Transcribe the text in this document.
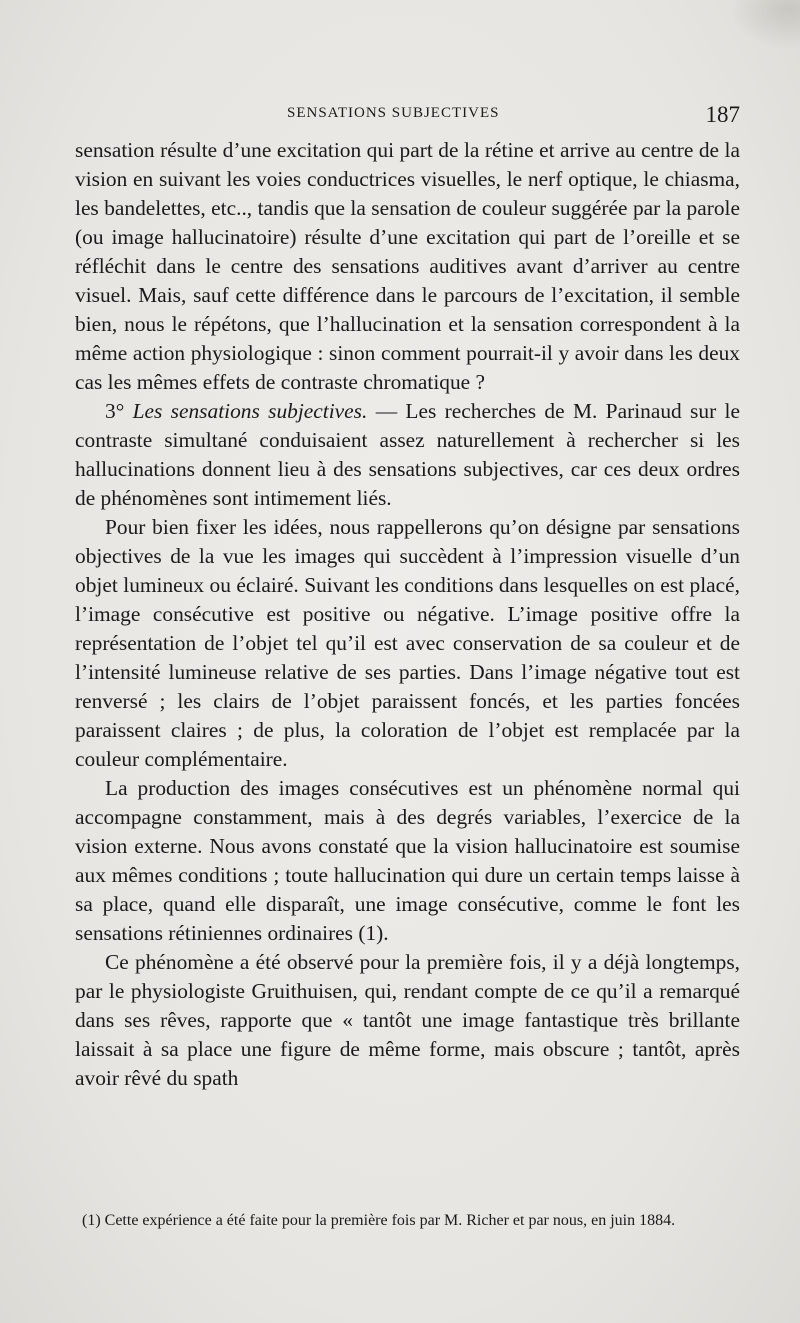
SENSATIONS SUBJECTIVES	187

sensation résulte d’une excitation qui part de la rétine et arrive au centre de la vision en suivant les voies conductrices visuelles, le nerf optique, le chiasma, les bandelettes, etc.., tandis que la sensation de couleur suggérée par la parole (ou image hallucinatoire) résulte d’une excitation qui part de l’oreille et se réfléchit dans le centre des sensations auditives avant d’arriver au centre visuel. Mais, sauf cette différence dans le parcours de l’excitation, il semble bien, nous le répétons, que l’hallucination et la sensation correspondent à la même action physiologique : sinon comment pourrait-il y avoir dans les deux cas les mêmes effets de contraste chromatique ?

3° Les sensations subjectives. — Les recherches de M. Parinaud sur le contraste simultané conduisaient assez naturellement à rechercher si les hallucinations donnent lieu à des sensations subjectives, car ces deux ordres de phénomènes sont intimement liés.

Pour bien fixer les idées, nous rappellerons qu’on désigne par sensations objectives de la vue les images qui succèdent à l’impression visuelle d’un objet lumineux ou éclairé. Suivant les conditions dans lesquelles on est placé, l’image consécutive est positive ou négative. L’image positive offre la représentation de l’objet tel qu’il est avec conservation de sa couleur et de l’intensité lumineuse relative de ses parties. Dans l’image négative tout est renversé ; les clairs de l’objet paraissent foncés, et les parties foncées paraissent claires ; de plus, la coloration de l’objet est remplacée par la couleur complémentaire.

La production des images consécutives est un phénomène normal qui accompagne constamment, mais à des degrés variables, l’exercice de la vision externe. Nous avons constaté que la vision hallucinatoire est soumise aux mêmes conditions ; toute hallucination qui dure un certain temps laisse à sa place, quand elle disparaît, une image consécutive, comme le font les sensations rétiniennes ordinaires (1).

Ce phénomène a été observé pour la première fois, il y a déjà longtemps, par le physiologiste Gruithuisen, qui, rendant compte de ce qu’il a remarqué dans ses rêves, rapporte que « tantôt une image fantastique très brillante laissait à sa place une figure de même forme, mais obscure ; tantôt, après avoir rêvé du spath

(1) Cette expérience a été faite pour la première fois par M. Richer et par nous, en juin 1884.
